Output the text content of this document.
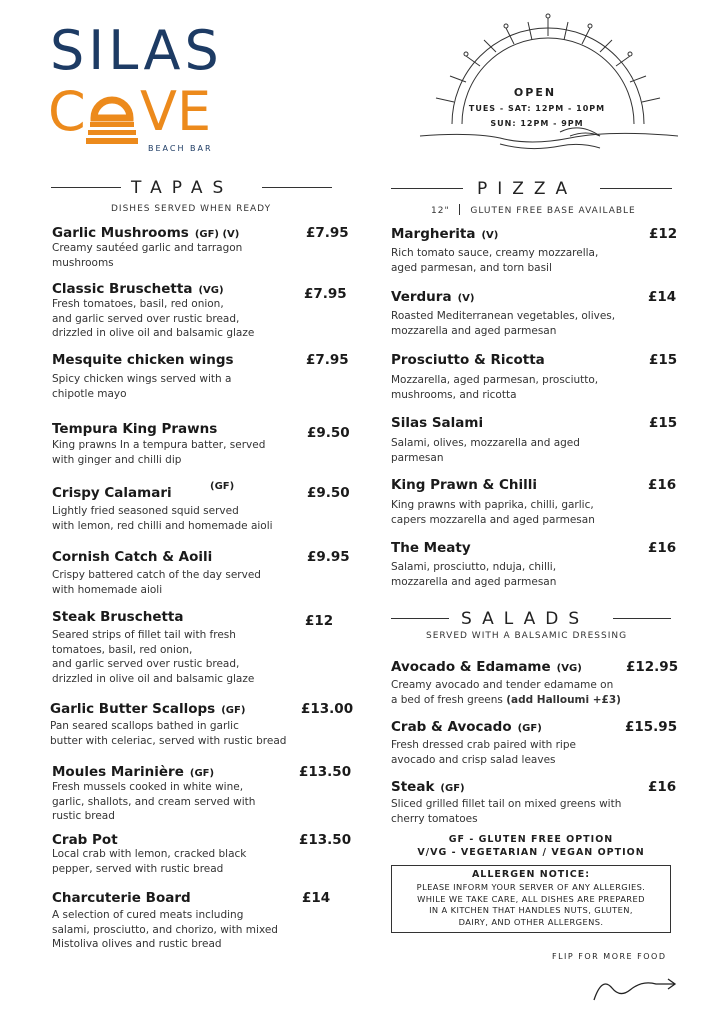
SILAS
C VE
BEACH BAR
OPEN
TUES - SAT: 12PM - 10PM
SUN: 12PM - 9PM
TAPAS
DISHES SERVED WHEN READY
Garlic Mushrooms (GF) (V)	£7.95
Creamy sautéed garlic and tarragon
mushrooms
Classic Bruschetta (VG)	£7.95
Fresh tomatoes, basil, red onion,
and garlic served over rustic bread,
drizzled in olive oil and balsamic glaze
Mesquite chicken wings	£7.95
Spicy chicken wings served with a
chipotle mayo
Tempura King Prawns	£9.50
King prawns In a tempura batter, served
with ginger and chilli dip
Crispy Calamari	(GF)	£9.50
Lightly fried seasoned squid served
with lemon, red chilli and homemade aioli
Cornish Catch & Aoili	£9.95
Crispy battered catch of the day served
with homemade aioli
Steak Bruschetta	£12
Seared strips of fillet tail with fresh
tomatoes, basil, red onion,
and garlic served over rustic bread,
drizzled in olive oil and balsamic glaze
Garlic Butter Scallops (GF)	£13.00
Pan seared scallops bathed in garlic
butter with celeriac, served with rustic bread
Moules Marinière (GF)	£13.50
Fresh mussels cooked in white wine,
garlic, shallots, and cream served with
rustic bread
Crab Pot	£13.50
Local crab with lemon, cracked black
pepper, served with rustic bread
Charcuterie Board	£14
A selection of cured meats including
salami, prosciutto, and chorizo, with mixed
Mistoliva olives and rustic bread
PIZZA
12" GLUTEN FREE BASE AVAILABLE
Margherita (V)	£12
Rich tomato sauce, creamy mozzarella,
aged parmesan, and torn basil
Verdura (V)	£14
Roasted Mediterranean vegetables, olives,
mozzarella and aged parmesan
Prosciutto & Ricotta	£15
Mozzarella, aged parmesan, prosciutto,
mushrooms, and ricotta
Silas Salami	£15
Salami, olives, mozzarella and aged
parmesan
King Prawn & Chilli	£16
King prawns with paprika, chilli, garlic,
capers mozzarella and aged parmesan
The Meaty	£16
Salami, prosciutto, nduja, chilli,
mozzarella and aged parmesan
SALADS
SERVED WITH A BALSAMIC DRESSING
Avocado & Edamame (VG)	£12.95
Creamy avocado and tender edamame on
a bed of fresh greens (add Halloumi +£3)
Crab & Avocado (GF)	£15.95
Fresh dressed crab paired with ripe
avocado and crisp salad leaves
Steak (GF)	£16
Sliced grilled fillet tail on mixed greens with
cherry tomatoes
GF - GLUTEN FREE OPTION
V/VG - VEGETARIAN / VEGAN OPTION
ALLERGEN NOTICE:
PLEASE INFORM YOUR SERVER OF ANY ALLERGIES.
WHILE WE TAKE CARE, ALL DISHES ARE PREPARED
IN A KITCHEN THAT HANDLES NUTS, GLUTEN,
DAIRY, AND OTHER ALLERGENS.
FLIP FOR MORE FOOD
